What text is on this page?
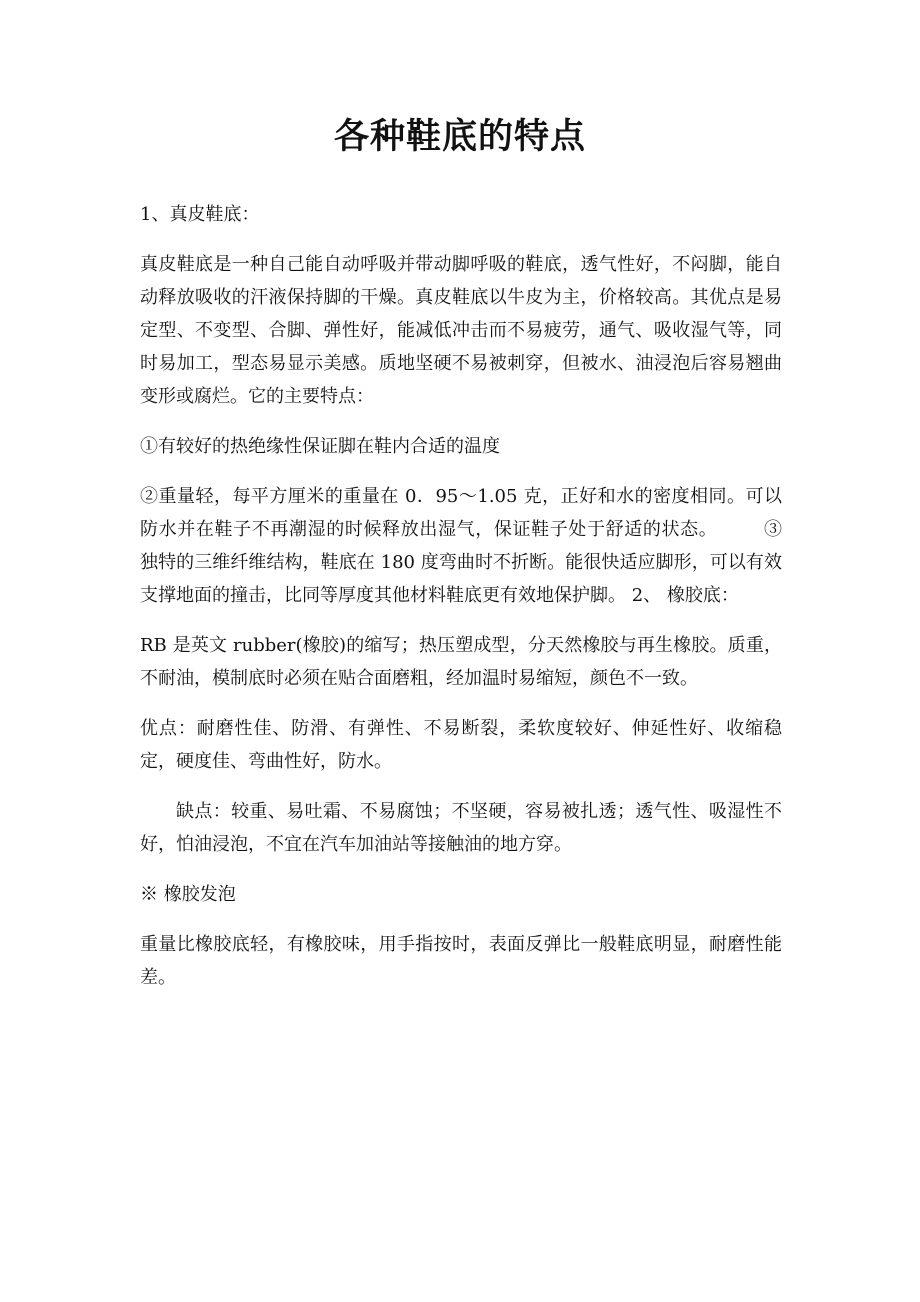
各种鞋底的特点

1、真皮鞋底：

真皮鞋底是一种自己能自动呼吸并带动脚呼吸的鞋底，透气性好，不闷脚，能自动释放吸收的汗液保持脚的干燥。真皮鞋底以牛皮为主，价格较高。其优点是易定型、不变型、合脚、弹性好，能减低冲击而不易疲劳，通气、吸收湿气等，同时易加工，型态易显示美感。质地坚硬不易被刺穿，但被水、油浸泡后容易翘曲变形或腐烂。它的主要特点：

①有较好的热绝缘性保证脚在鞋内合适的温度

②重量轻，每平方厘米的重量在 0．95～1.05 克，正好和水的密度相同。可以防水并在鞋子不再潮湿的时候释放出湿气，保证鞋子处于舒适的状态。	③ 独特的三维纤维结构，鞋底在 180 度弯曲时不折断。能很快适应脚形，可以有效支撑地面的撞击，比同等厚度其他材料鞋底更有效地保护脚。 2、 橡胶底：

RB 是英文 rubber(橡胶)的缩写；热压塑成型，分天然橡胶与再生橡胶。质重，不耐油，模制底时必须在贴合面磨粗，经加温时易缩短，颜色不一致。

优点：耐磨性佳、防滑、有弹性、不易断裂，柔软度较好、伸延性好、收缩稳定，硬度佳、弯曲性好，防水。

缺点：较重、易吐霜、不易腐蚀；不坚硬，容易被扎透；透气性、吸湿性不好，怕油浸泡，不宜在汽车加油站等接触油的地方穿。

※ 橡胶发泡

重量比橡胶底轻，有橡胶味，用手指按时，表面反弹比一般鞋底明显，耐磨性能差。
